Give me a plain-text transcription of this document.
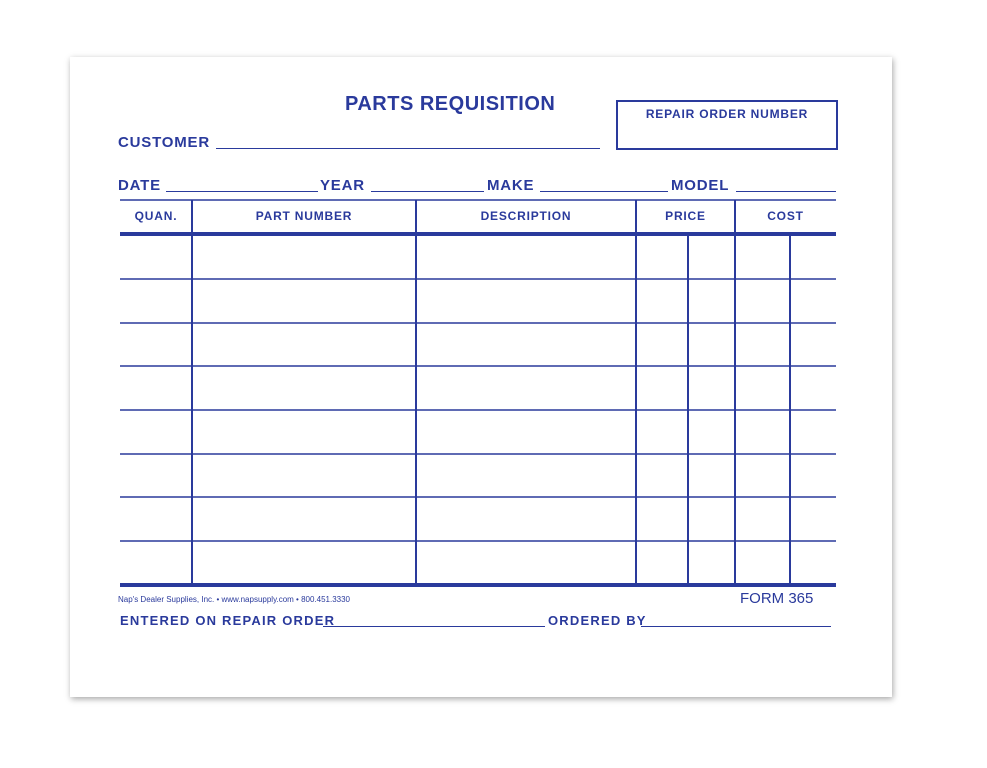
PARTS REQUISITION	REPAIR ORDER NUMBER
CUSTOMER
DATE	YEAR	MAKE	MODEL
QUAN.	PART NUMBER	DESCRIPTION	PRICE	COST
Nap's Dealer Supplies, Inc. • www.napsupply.com • 800.451.3330	FORM 365
ENTERED ON REPAIR ORDER	ORDERED BY
